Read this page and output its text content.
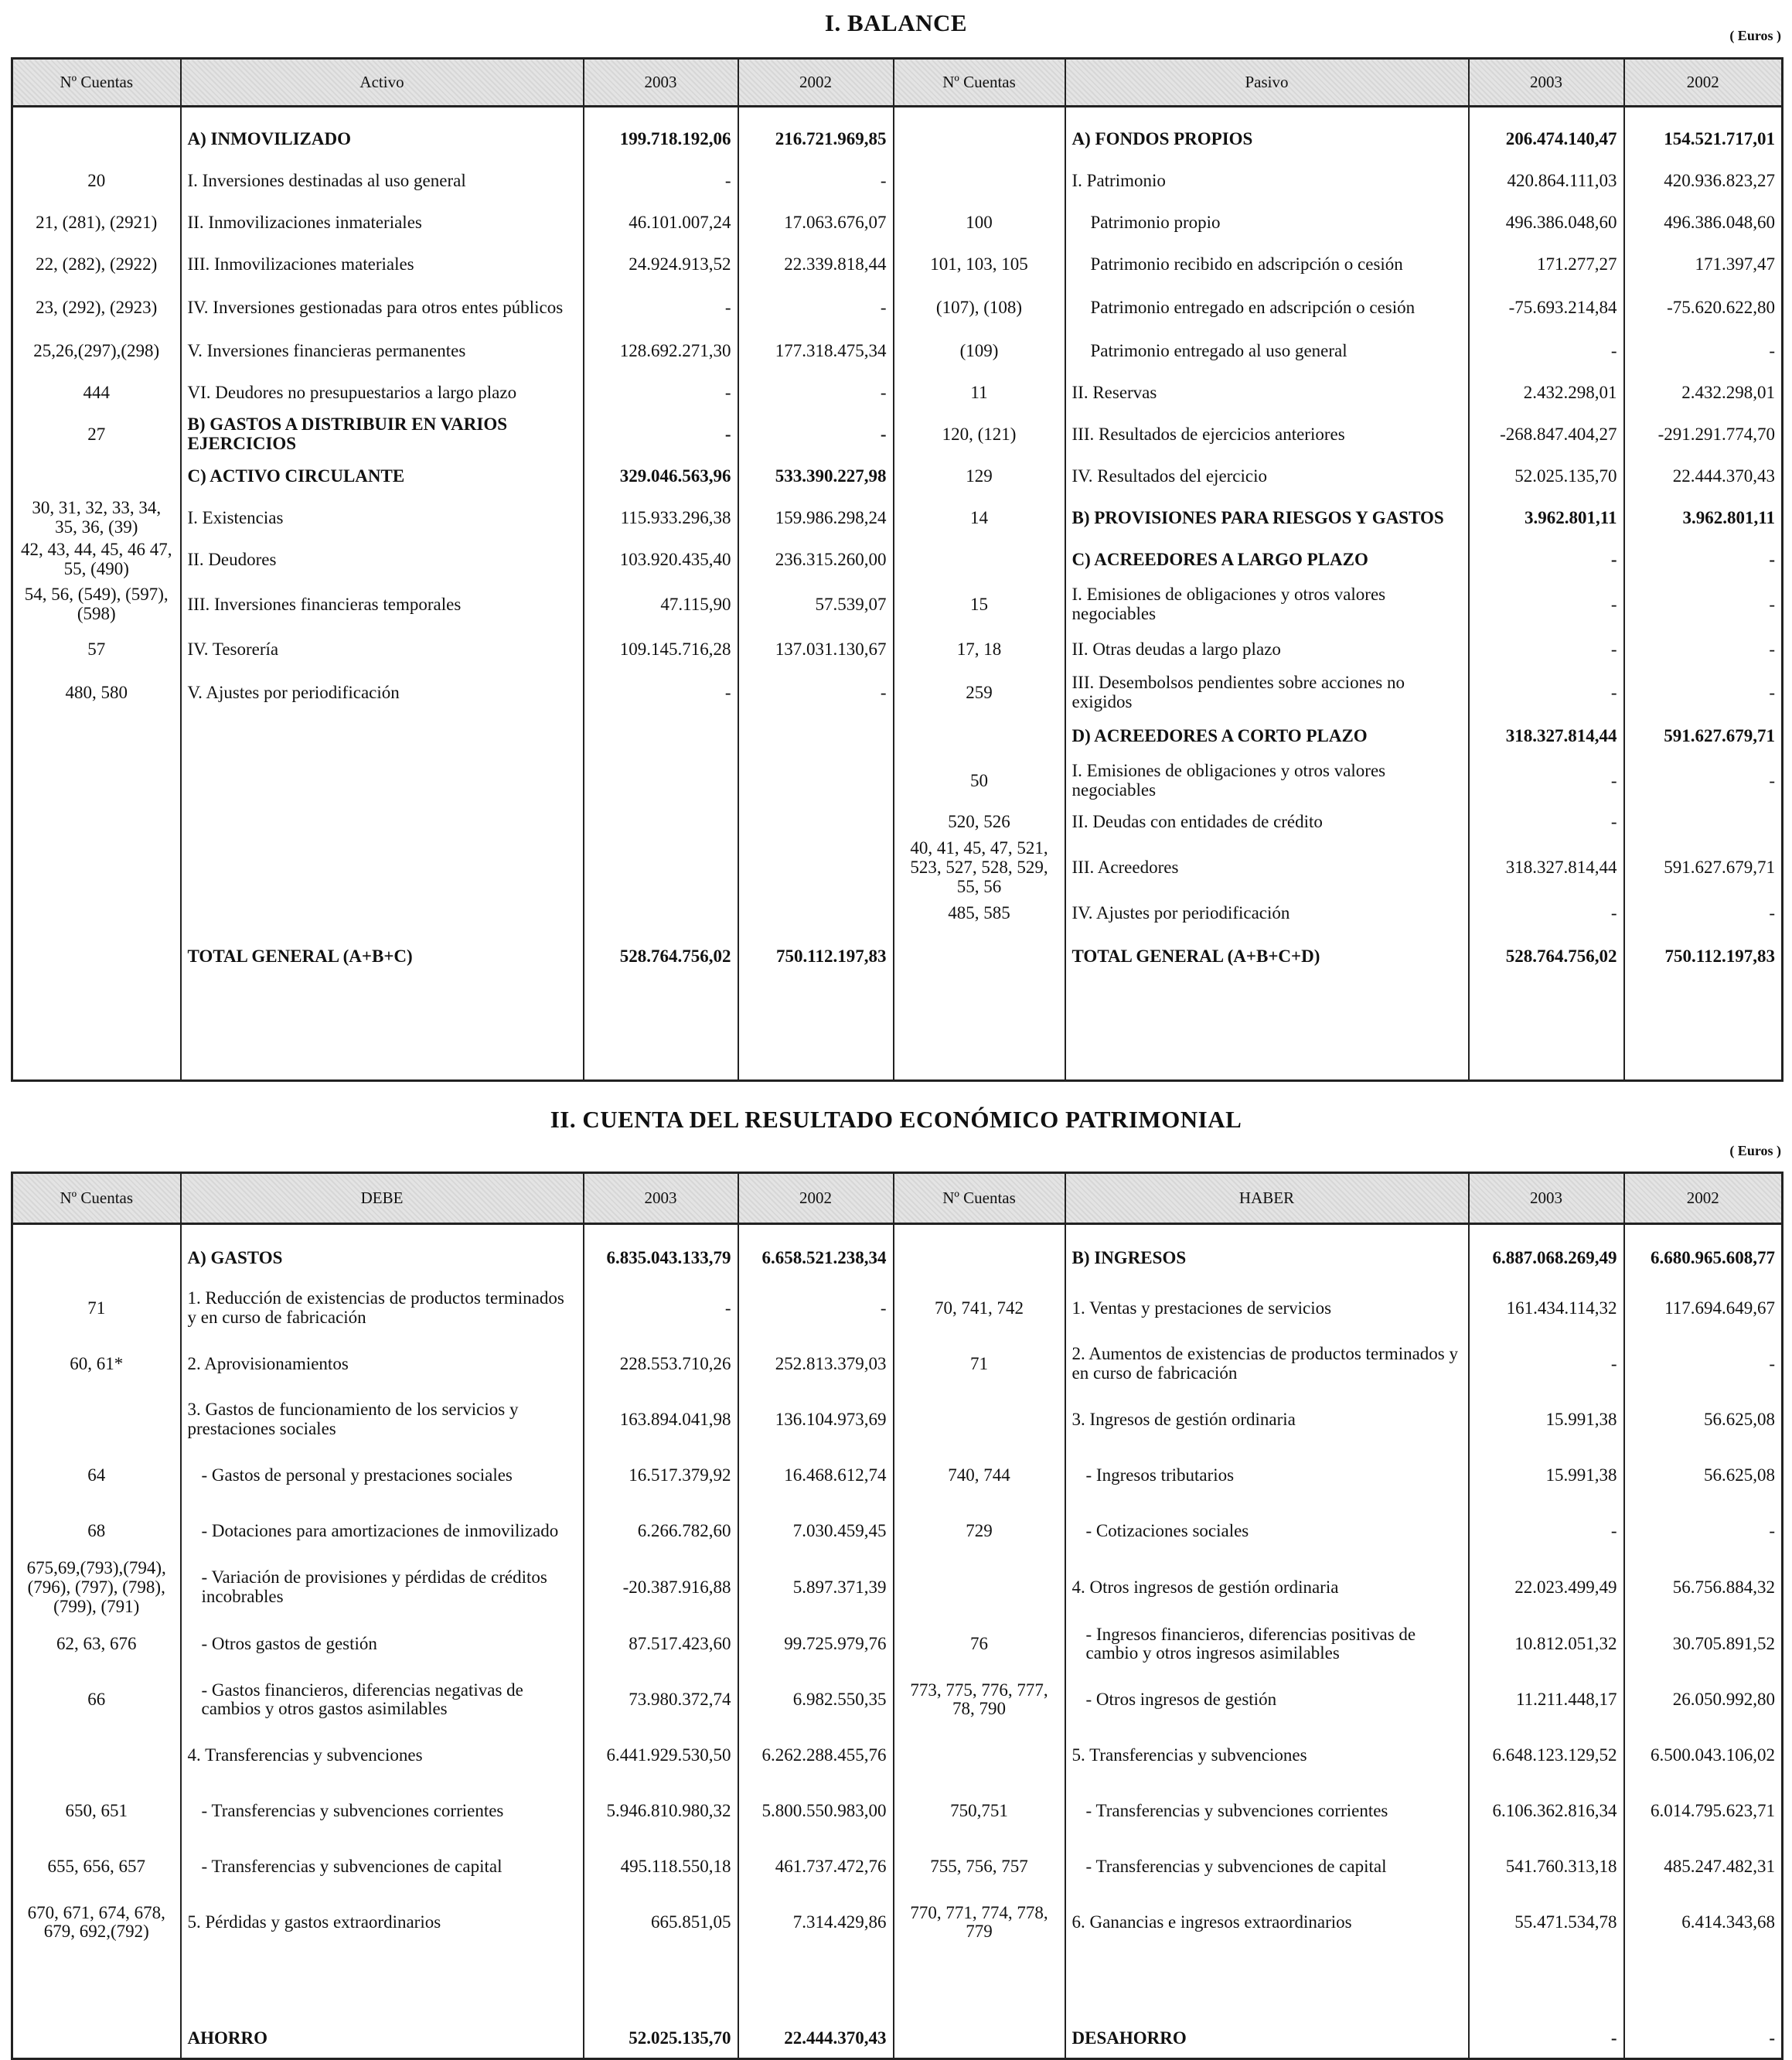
I. BALANCE	( Euros )
Nº Cuentas	Activo	2003	2002	Nº Cuentas	Pasivo	2003	2002

	A) INMOVILIZADO	199.718.192,06	216.721.969,85		A) FONDOS PROPIOS	206.474.140,47	154.521.717,01
20	I. Inversiones destinadas al uso general	-	-		I. Patrimonio	420.864.111,03	420.936.823,27
21, (281), (2921)	II. Inmovilizaciones inmateriales	46.101.007,24	17.063.676,07	100	Patrimonio propio	496.386.048,60	496.386.048,60
22, (282), (2922)	III. Inmovilizaciones materiales	24.924.913,52	22.339.818,44	101, 103, 105	Patrimonio recibido en adscripción o cesión	171.277,27	171.397,47
23, (292), (2923)	IV. Inversiones gestionadas para otros entes públicos	-	-	(107), (108)	Patrimonio entregado en adscripción o cesión	-75.693.214,84	-75.620.622,80
25,26,(297),(298)	V. Inversiones financieras permanentes	128.692.271,30	177.318.475,34	(109)	Patrimonio entregado al uso general	-	-
444	VI. Deudores no presupuestarios a largo plazo	-	-	11	II. Reservas	2.432.298,01	2.432.298,01
27	B) GASTOS A DISTRIBUIR EN VARIOS EJERCICIOS	-	-	120, (121)	III. Resultados de ejercicios anteriores	-268.847.404,27	-291.291.774,70
	C) ACTIVO CIRCULANTE	329.046.563,96	533.390.227,98	129	IV. Resultados del ejercicio	52.025.135,70	22.444.370,43
30, 31, 32, 33, 34, 35, 36, (39)	I. Existencias	115.933.296,38	159.986.298,24	14	B) PROVISIONES PARA RIESGOS Y GASTOS	3.962.801,11	3.962.801,11
42, 43, 44, 45, 46 47, 55, (490)	II. Deudores	103.920.435,40	236.315.260,00		C) ACREEDORES A LARGO PLAZO	-	-
54, 56, (549), (597), (598)	III. Inversiones financieras temporales	47.115,90	57.539,07	15	I. Emisiones de obligaciones y otros valores negociables	-	-
57	IV. Tesorería	109.145.716,28	137.031.130,67	17, 18	II. Otras deudas a largo plazo	-	-
480, 580	V. Ajustes por periodificación	-	-	259	III. Desembolsos pendientes sobre acciones no exigidos	-	-
					D) ACREEDORES A CORTO PLAZO	318.327.814,44	591.627.679,71
				50	I. Emisiones de obligaciones y otros valores negociables	-	-
				520, 526	II. Deudas con entidades de crédito	-	
				40, 41, 45, 47, 521, 523, 527, 528, 529, 55, 56	III. Acreedores	318.327.814,44	591.627.679,71
				485, 585	IV. Ajustes por periodificación	-	-
	TOTAL GENERAL (A+B+C)	528.764.756,02	750.112.197,83		TOTAL GENERAL (A+B+C+D)	528.764.756,02	750.112.197,83

II. CUENTA DEL RESULTADO ECONÓMICO PATRIMONIAL
( Euros )
Nº Cuentas	DEBE	2003	2002	Nº Cuentas	HABER	2003	2002

	A) GASTOS	6.835.043.133,79	6.658.521.238,34		B) INGRESOS	6.887.068.269,49	6.680.965.608,77
71	1. Reducción de existencias de productos terminados y en curso de fabricación	-	-	70, 741, 742	1. Ventas y prestaciones de servicios	161.434.114,32	117.694.649,67
60, 61*	2. Aprovisionamientos	228.553.710,26	252.813.379,03	71	2. Aumentos de existencias de productos terminados y en curso de fabricación	-	-
	3. Gastos de funcionamiento de los servicios y prestaciones sociales	163.894.041,98	136.104.973,69		3. Ingresos de gestión ordinaria	15.991,38	56.625,08
64	- Gastos de personal y prestaciones sociales	16.517.379,92	16.468.612,74	740, 744	- Ingresos tributarios	15.991,38	56.625,08
68	- Dotaciones para amortizaciones de inmovilizado	6.266.782,60	7.030.459,45	729	- Cotizaciones sociales	-	-
675,69,(793),(794), (796), (797), (798), (799), (791)	- Variación de provisiones y pérdidas de créditos incobrables	-20.387.916,88	5.897.371,39		4. Otros ingresos de gestión ordinaria	22.023.499,49	56.756.884,32
62, 63, 676	- Otros gastos de gestión	87.517.423,60	99.725.979,76	76	- Ingresos financieros, diferencias positivas de cambio y otros ingresos asimilables	10.812.051,32	30.705.891,52
66	- Gastos financieros, diferencias negativas de cambios y otros gastos asimilables	73.980.372,74	6.982.550,35	773, 775, 776, 777, 78, 790	- Otros ingresos de gestión	11.211.448,17	26.050.992,80
	4. Transferencias y subvenciones	6.441.929.530,50	6.262.288.455,76		5. Transferencias y subvenciones	6.648.123.129,52	6.500.043.106,02
650, 651	- Transferencias y subvenciones corrientes	5.946.810.980,32	5.800.550.983,00	750,751	- Transferencias y subvenciones corrientes	6.106.362.816,34	6.014.795.623,71
655, 656, 657	- Transferencias y subvenciones de capital	495.118.550,18	461.737.472,76	755, 756, 757	- Transferencias y subvenciones de capital	541.760.313,18	485.247.482,31
670, 671, 674, 678, 679, 692,(792)	5. Pérdidas y gastos extraordinarios	665.851,05	7.314.429,86	770, 771, 774, 778, 779	6. Ganancias e ingresos extraordinarios	55.471.534,78	6.414.343,68
	AHORRO	52.025.135,70	22.444.370,43		DESAHORRO	-	-
